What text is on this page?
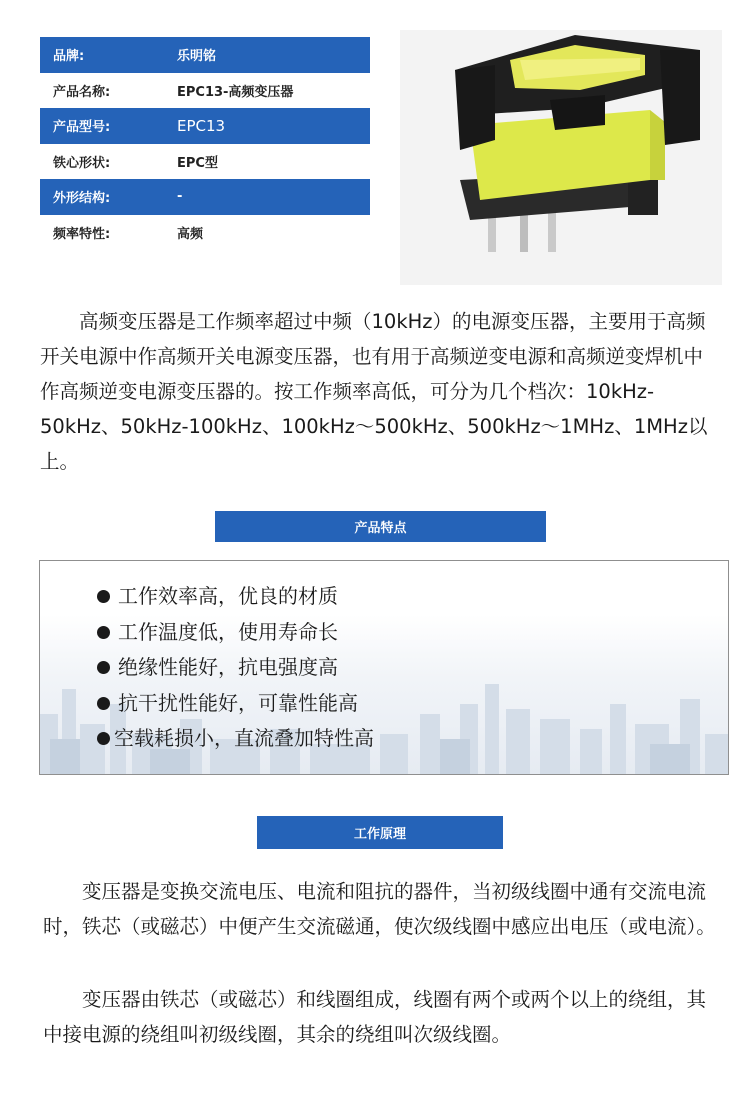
品牌:	乐明铭
产品名称:	EPC13-高频变压器
产品型号:	EPC13
铁心形状:	EPC型
外形结构:	-
频率特性:	高频

高频变压器是工作频率超过中频（10kHz）的电源变压器，主要用于高频开关电源中作高频开关电源变压器，也有用于高频逆变电源和高频逆变焊机中作高频逆变电源变压器的。按工作频率高低，可分为几个档次：10kHz- 50kHz、50kHz-100kHz、100kHz～500kHz、500kHz～1MHz、1MHz以上。

产品特点
工作效率高，优良的材质
工作温度低，使用寿命长
绝缘性能好，抗电强度高
抗干扰性能好，可靠性能高
空载耗损小，直流叠加特性高
工作原理

变压器是变换交流电压、电流和阻抗的器件，当初级线圈中通有交流电流时，铁芯（或磁芯）中便产生交流磁通，使次级线圈中感应出电压（或电流）。

变压器由铁芯（或磁芯）和线圈组成，线圈有两个或两个以上的绕组，其中接电源的绕组叫初级线圈，其余的绕组叫次级线圈。
